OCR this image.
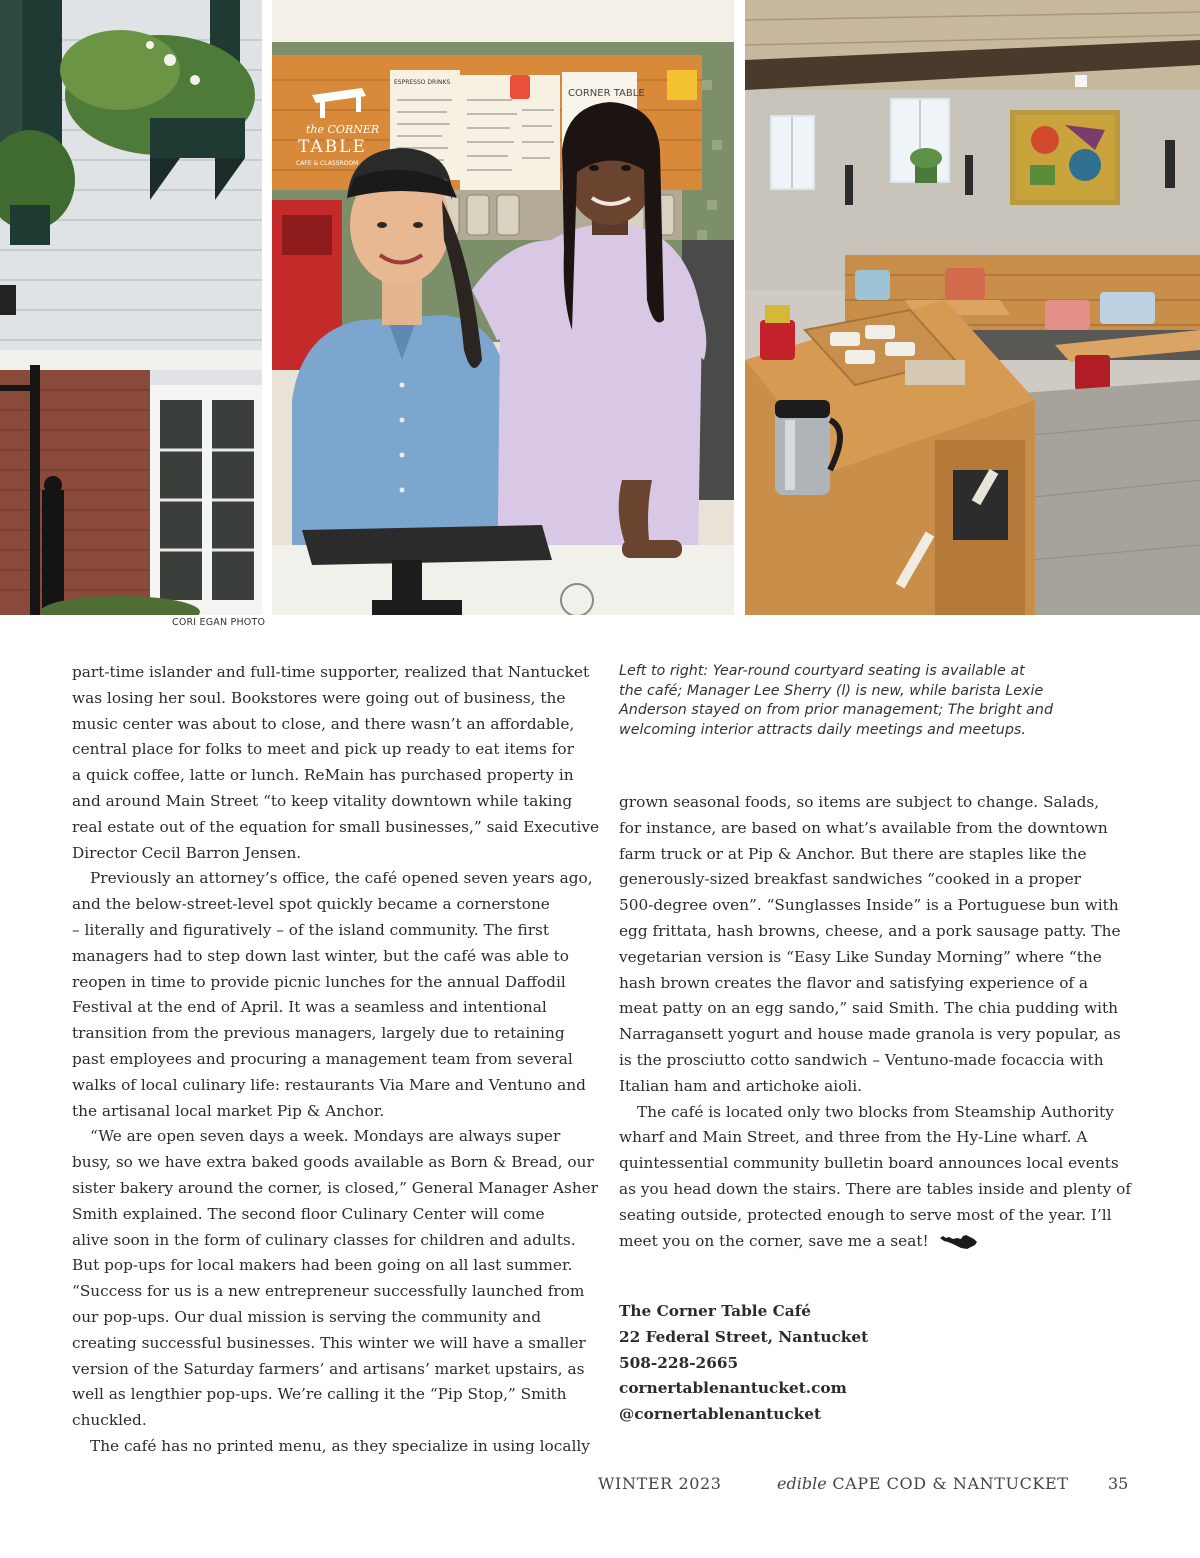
the CORNER
TABLE
CAFE & CLASSROOM
ESPRESSO DRINKS
CORNER TABLE
CORI EGAN PHOTO

part-time islander and full-time supporter, realized that Nantucket

was losing her soul. Bookstores were going out of business, the

music center was about to close, and there wasn’t an affordable,

central place for folks to meet and pick up ready to eat items for

a quick coffee, latte or lunch. ReMain has purchased property in

and around Main Street “to keep vitality downtown while taking

real estate out of the equation for small businesses,” said Executive

Director Cecil Barron Jensen.

Previously an attorney’s office, the café opened seven years ago,

and the below-street-level spot quickly became a cornerstone

– literally and figuratively – of the island community. The first

managers had to step down last winter, but the café was able to

reopen in time to provide picnic lunches for the annual Daffodil

Festival at the end of April. It was a seamless and intentional

transition from the previous managers, largely due to retaining

past employees and procuring a management team from several

walks of local culinary life: restaurants Via Mare and Ventuno and

the artisanal local market Pip & Anchor.

“We are open seven days a week. Mondays are always super

busy, so we have extra baked goods available as Born & Bread, our

sister bakery around the corner, is closed,” General Manager Asher

Smith explained. The second floor Culinary Center will come

alive soon in the form of culinary classes for children and adults.

But pop-ups for local makers had been going on all last summer.

“Success for us is a new entrepreneur successfully launched from

our pop-ups. Our dual mission is serving the community and

creating successful businesses. This winter we will have a smaller

version of the Saturday farmers’ and artisans’ market upstairs, as

well as lengthier pop-ups. We’re calling it the “Pip Stop,” Smith

chuckled.

The café has no printed menu, as they specialize in using locally

Left to right: Year-round courtyard seating is available at

the café; Manager Lee Sherry (l) is new, while barista Lexie

Anderson stayed on from prior management; The bright and

welcoming interior attracts daily meetings and meetups.

grown seasonal foods, so items are subject to change. Salads,

for instance, are based on what’s available from the downtown

farm truck or at Pip & Anchor. But there are staples like the

generously-sized breakfast sandwiches “cooked in a proper

500-degree oven”. “Sunglasses Inside” is a Portuguese bun with

egg frittata, hash browns, cheese, and a pork sausage patty. The

vegetarian version is “Easy Like Sunday Morning” where “the

hash brown creates the flavor and satisfying experience of a

meat patty on an egg sando,” said Smith. The chia pudding with

Narragansett yogurt and house made granola is very popular, as

is the prosciutto cotto sandwich – Ventuno-made focaccia with

Italian ham and artichoke aioli.

The café is located only two blocks from Steamship Authority

wharf and Main Street, and three from the Hy-Line wharf. A

quintessential community bulletin board announces local events

as you head down the stairs. There are tables inside and plenty of

seating outside, protected enough to serve most of the year. I’ll

meet you on the corner, save me a seat!

The Corner Table Café

22 Federal Street, Nantucket

508-228-2665

cornertablenantucket.com

@cornertablenantucket

WINTER 2023	edible CAPE COD & NANTUCKET 35
